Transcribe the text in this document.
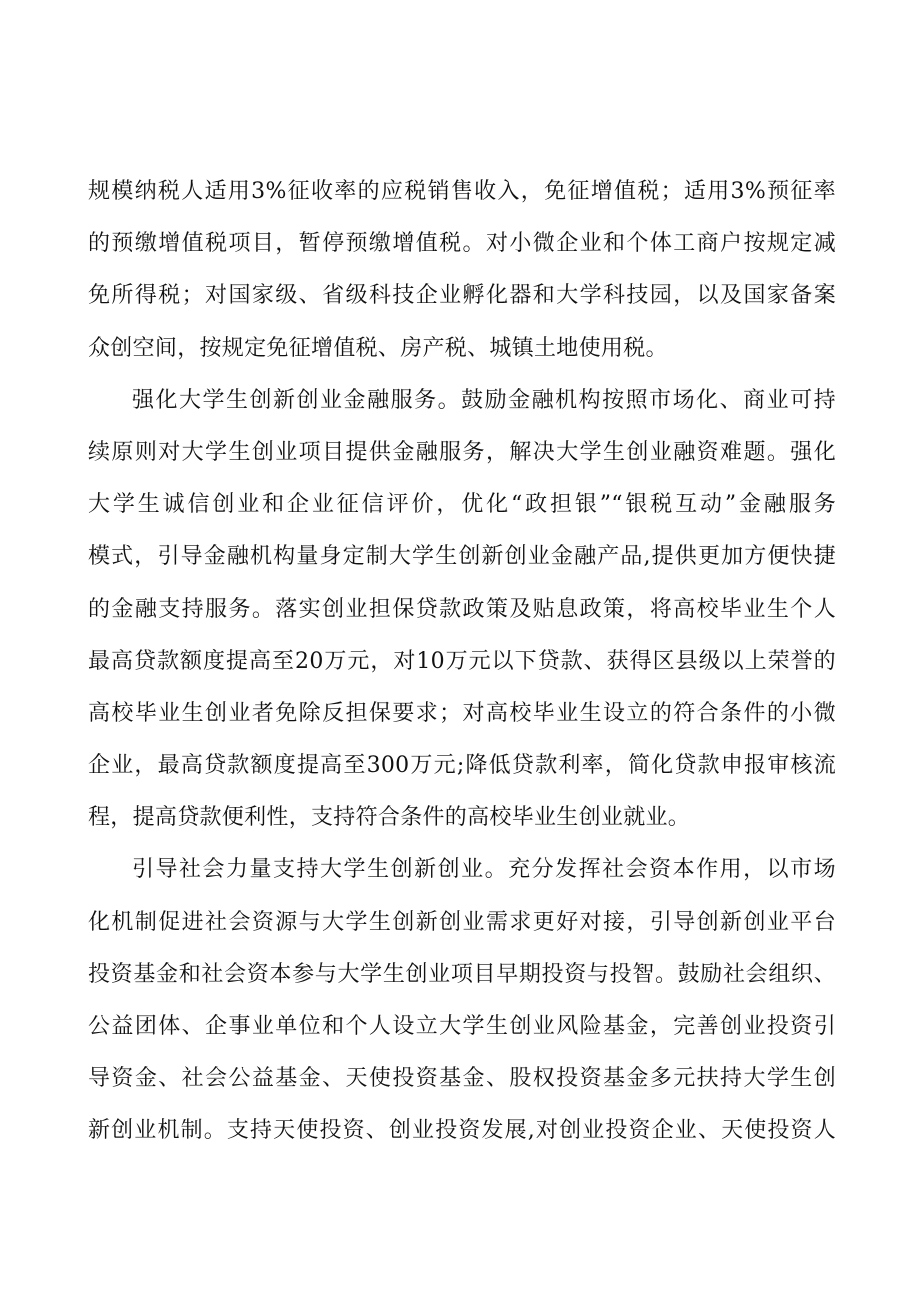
规模纳税人适用3%征收率的应税销售收入，免征增值税；适用3%预征率
的预缴增值税项目，暂停预缴增值税。对小微企业和个体工商户按规定减
免所得税；对国家级、省级科技企业孵化器和大学科技园，以及国家备案
众创空间，按规定免征增值税、房产税、城镇土地使用税。
强化大学生创新创业金融服务。鼓励金融机构按照市场化、商业可持
续原则对大学生创业项目提供金融服务，解决大学生创业融资难题。强化
大学生诚信创业和企业征信评价，优化“政担银”“银税互动”金融服务
模式，引导金融机构量身定制大学生创新创业金融产品,提供更加方便快捷
的金融支持服务。落实创业担保贷款政策及贴息政策，将高校毕业生个人
最高贷款额度提高至20万元，对10万元以下贷款、获得区县级以上荣誉的
高校毕业生创业者免除反担保要求；对高校毕业生设立的符合条件的小微
企业，最高贷款额度提高至300万元;降低贷款利率，简化贷款申报审核流
程，提高贷款便利性，支持符合条件的高校毕业生创业就业。
引导社会力量支持大学生创新创业。充分发挥社会资本作用，以市场
化机制促进社会资源与大学生创新创业需求更好对接，引导创新创业平台
投资基金和社会资本参与大学生创业项目早期投资与投智。鼓励社会组织、
公益团体、企事业单位和个人设立大学生创业风险基金，完善创业投资引
导资金、社会公益基金、天使投资基金、股权投资基金多元扶持大学生创
新创业机制。支持天使投资、创业投资发展,对创业投资企业、天使投资人
